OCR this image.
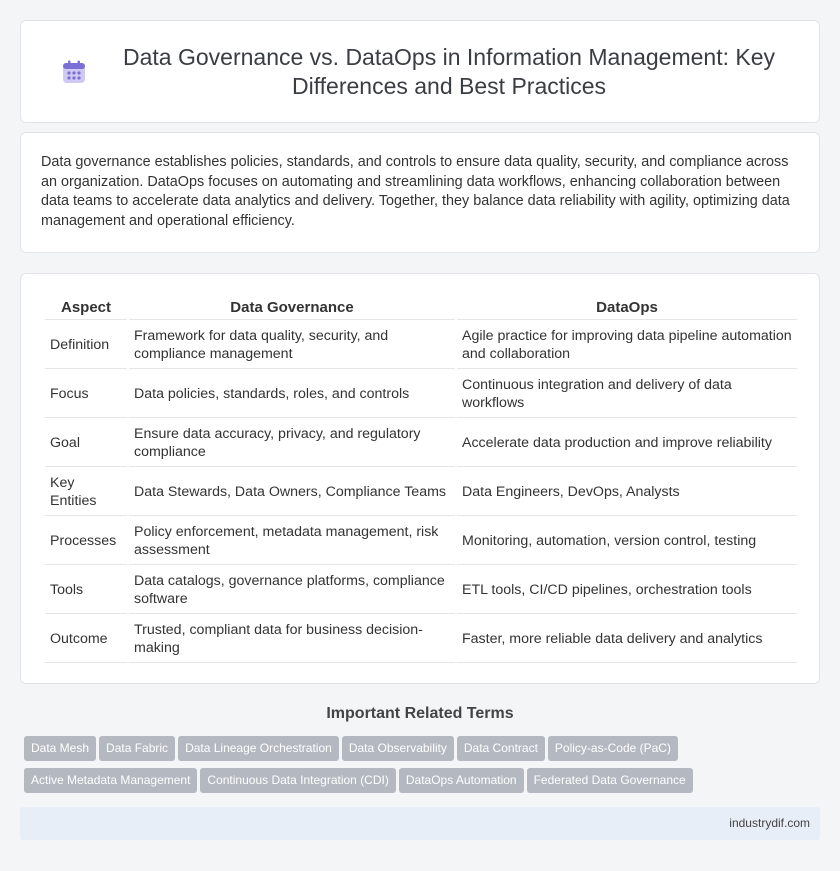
Data Governance vs. DataOps in Information Management: Key Differences and Best Practices

Data governance establishes policies, standards, and controls to ensure data quality, security, and compliance across an organization. DataOps focuses on automating and streamlining data workflows, enhancing collaboration between data teams to accelerate data analytics and delivery. Together, they balance data reliability with agility, optimizing data management and operational efficiency.

Aspect	Data Governance	DataOps
Definition	Framework for data quality, security, and compliance management	Agile practice for improving data pipeline automation and collaboration
Focus	Data policies, standards, roles, and controls	Continuous integration and delivery of data workflows
Goal	Ensure data accuracy, privacy, and regulatory compliance	Accelerate data production and improve reliability
Key Entities	Data Stewards, Data Owners, Compliance Teams	Data Engineers, DevOps, Analysts
Processes	Policy enforcement, metadata management, risk assessment	Monitoring, automation, version control, testing
Tools	Data catalogs, governance platforms, compliance software	ETL tools, CI/CD pipelines, orchestration tools
Outcome	Trusted, compliant data for business decision-making	Faster, more reliable data delivery and analytics
Important Related Terms
Data Mesh Data Fabric Data Lineage Orchestration Data Observability Data Contract Policy-as-Code (PaC)
Active Metadata Management Continuous Data Integration (CDI) DataOps Automation Federated Data Governance
industrydif.com
